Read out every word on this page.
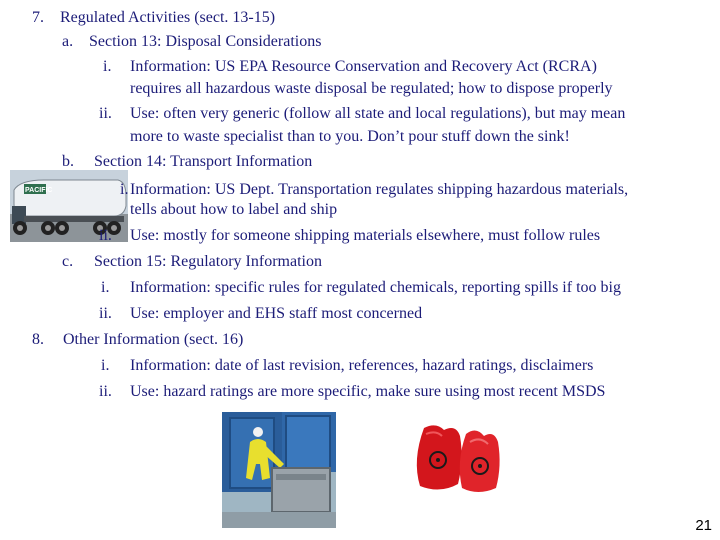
7. Regulated Activities (sect. 13-15)
a. Section 13: Disposal Considerations
i. Information: US EPA Resource Conservation and Recovery Act (RCRA)
requires all hazardous waste disposal be regulated; how to dispose properly
ii. Use: often very generic (follow all state and local regulations), but may mean
more to waste specialist than to you. Don’t pour stuff down the sink!
b. Section 14: Transport Information
PACIFIC	i. Information: US Dept. Transportation regulates shipping hazardous materials,
tells about how to label and ship
ii. Use: mostly for someone shipping materials elsewhere, must follow rules
c. Section 15: Regulatory Information
i. Information: specific rules for regulated chemicals, reporting spills if too big
ii. Use: employer and EHS staff most concerned
8. Other Information (sect. 16)
i. Information: date of last revision, references, hazard ratings, disclaimers
ii. Use: hazard ratings are more specific, make sure using most recent MSDS
21
